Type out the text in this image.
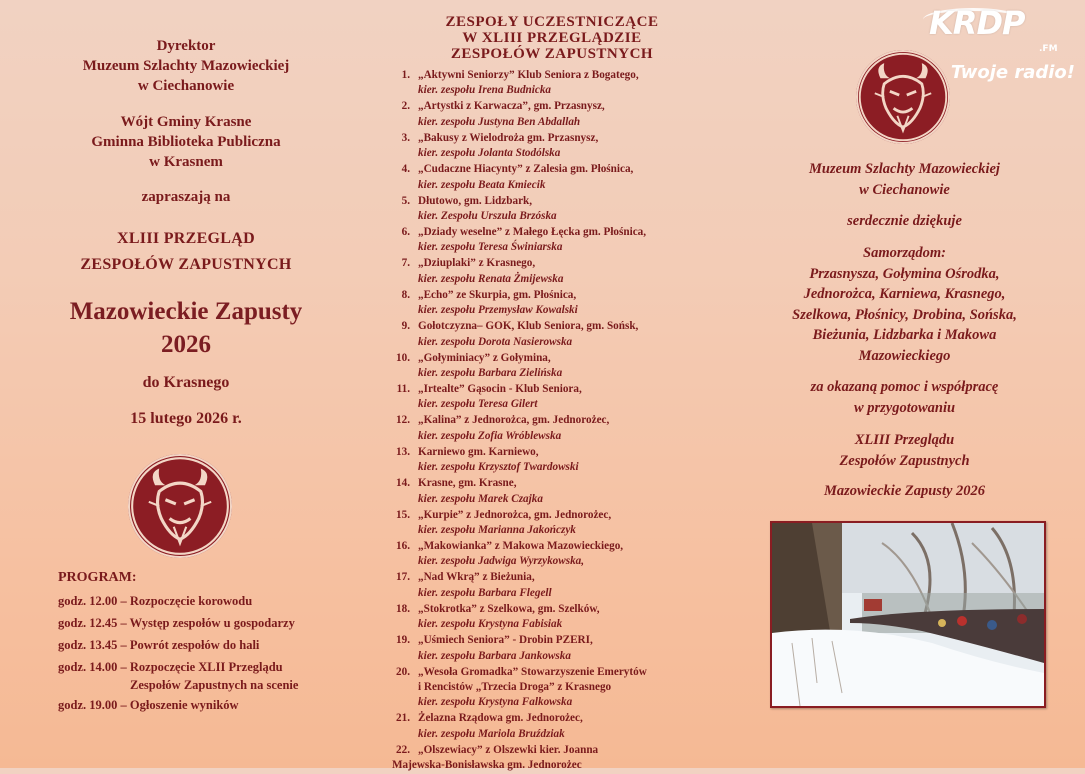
Dyrektor
Muzeum Szlachty Mazowieckiej
w Ciechanowie
Wójt Gminy Krasne
Gminna Biblioteka Publiczna
w Krasnem
zapraszają na
XLIII PRZEGLĄD
ZESPOŁÓW ZAPUSTNYCH
Mazowieckie Zapusty
2026
do Krasnego
15 lutego 2026 r.
PROGRAM:
godz. 12.00 – Rozpoczęcie korowodu
godz. 12.45 – Występ zespołów u gospodarzy
godz. 13.45 – Powrót zespołów do hali
godz. 14.00 – Rozpoczęcie XLII Przeglądu
Zespołów Zapustnych na scenie
godz. 19.00 – Ogłoszenie wyników
ZESPOŁY UCZESTNICZĄCE
W XLIII PRZEGLĄDZIE
ZESPOŁÓW ZAPUSTNYCH
1. „Aktywni Seniorzy” Klub Seniora z Bogatego,
kier. zespołu Irena Budnicka
2. „Artystki z Karwacza”, gm. Przasnysz,
kier. zespołu Justyna Ben Abdallah
3. „Bakusy z Wielodroża gm. Przasnysz,
kier. zespołu Jolanta Stodólska
4. „Cudaczne Hiacynty” z Zalesia gm. Płośnica,
kier. zespołu Beata Kmiecik
5. Dłutowo, gm. Lidzbark,
kier. Zespołu Urszula Brzóska
6. „Dziady weselne” z Małego Łęcka gm. Płośnica,
kier. zespołu Teresa Świniarska
7. „Dziuplaki” z Krasnego,
kier. zespołu Renata Żmijewska
8. „Echo” ze Skurpia, gm. Płośnica,
kier. zespołu Przemysław Kowalski
9. Gołotczyzna– GOK, Klub Seniora, gm. Sońsk,
kier. zespołu Dorota Nasierowska
10. „Gołyminiacy” z Gołymina,
kier. zespołu Barbara Zielińska
11. „Irtealte” Gąsocin - Klub Seniora,
kier. zespołu Teresa Gilert
12. „Kalina” z Jednorożca, gm. Jednorożec,
kier. zespołu Zofia Wróblewska
13. Karniewo gm. Karniewo,
kier. zespołu Krzysztof Twardowski
14. Krasne, gm. Krasne,
kier. zespołu Marek Czajka
15. „Kurpie” z Jednorożca, gm. Jednorożec,
kier. zespołu Marianna Jakończyk
16. „Makowianka” z Makowa Mazowieckiego,
kier. zespołu Jadwiga Wyrzykowska,
17. „Nad Wkrą” z Bieżunia,
kier. zespołu Barbara Flegell
18. „Stokrotka” z Szelkowa, gm. Szelków,
kier. zespołu Krystyna Fabisiak
19. „Uśmiech Seniora” - Drobin PZERI,
kier. zespołu Barbara Jankowska
20. „Wesoła Gromadka” Stowarzyszenie Emerytów
i Rencistów „Trzecia Droga” z Krasnego
kier. zespołu Krystyna Falkowska
21. Żelazna Rządowa gm. Jednorożec,
kier. zespołu Mariola Bruździak
22. „Olszewiacy” z Olszewki kier. Joanna
Majewska-Bonisławska gm. Jednorożec
KRDP
.FM
Twoje radio!
Muzeum Szlachty Mazowieckiej
w Ciechanowie
serdecznie dziękuje
Samorządom:
Przasnysza, Gołymina Ośrodka,
Jednorożca, Karniewa, Krasnego,
Szelkowa, Płośnicy, Drobina, Sońska,
Bieżunia, Lidzbarka i Makowa
Mazowieckiego
za okazaną pomoc i współpracę
w przygotowaniu
XLIII Przeglądu
Zespołów Zapustnych
Mazowieckie Zapusty 2026
